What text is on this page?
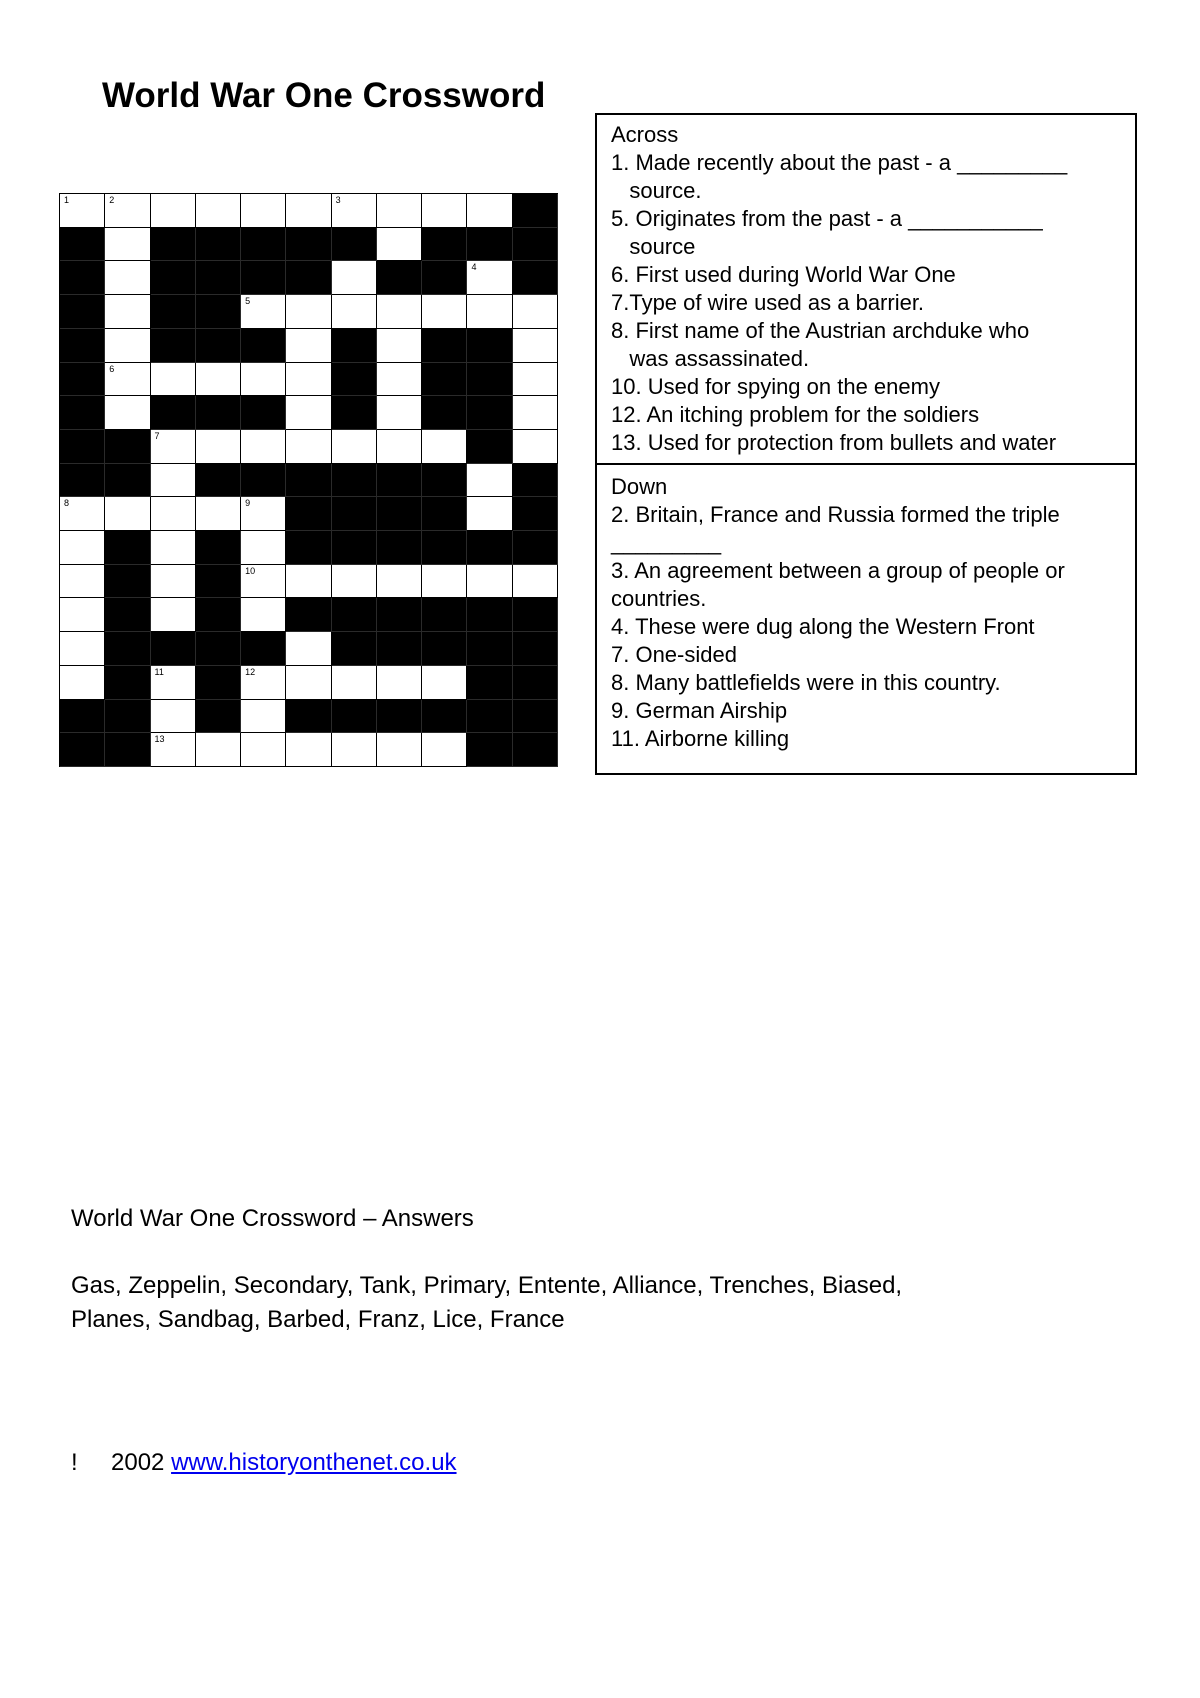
World War One Crossword
1	2	3
4
5
6
7
8	9
10
11	12
13
Across

1. Made recently about the past - a _________

source.

5. Originates from the past - a ___________

source

6. First used during World War One

7.Type of wire used as a barrier.

8. First name of the Austrian archduke who

was assassinated.

10. Used for spying on the enemy

12. An itching problem for the soldiers

13. Used for protection from bullets and water

Down

2. Britain, France and Russia formed the triple

_________

3. An agreement between a group of people or

countries.

4. These were dug along the Western Front

7. One-sided

8. Many battlefields were in this country.

9. German Airship

11. Airborne killing

World War One Crossword – Answers
Gas, Zeppelin, Secondary, Tank, Primary, Entente, Alliance, Trenches, Biased,
Planes, Sandbag, Barbed, Franz, Lice, France
! 2002 www.historyonthenet.co.uk
